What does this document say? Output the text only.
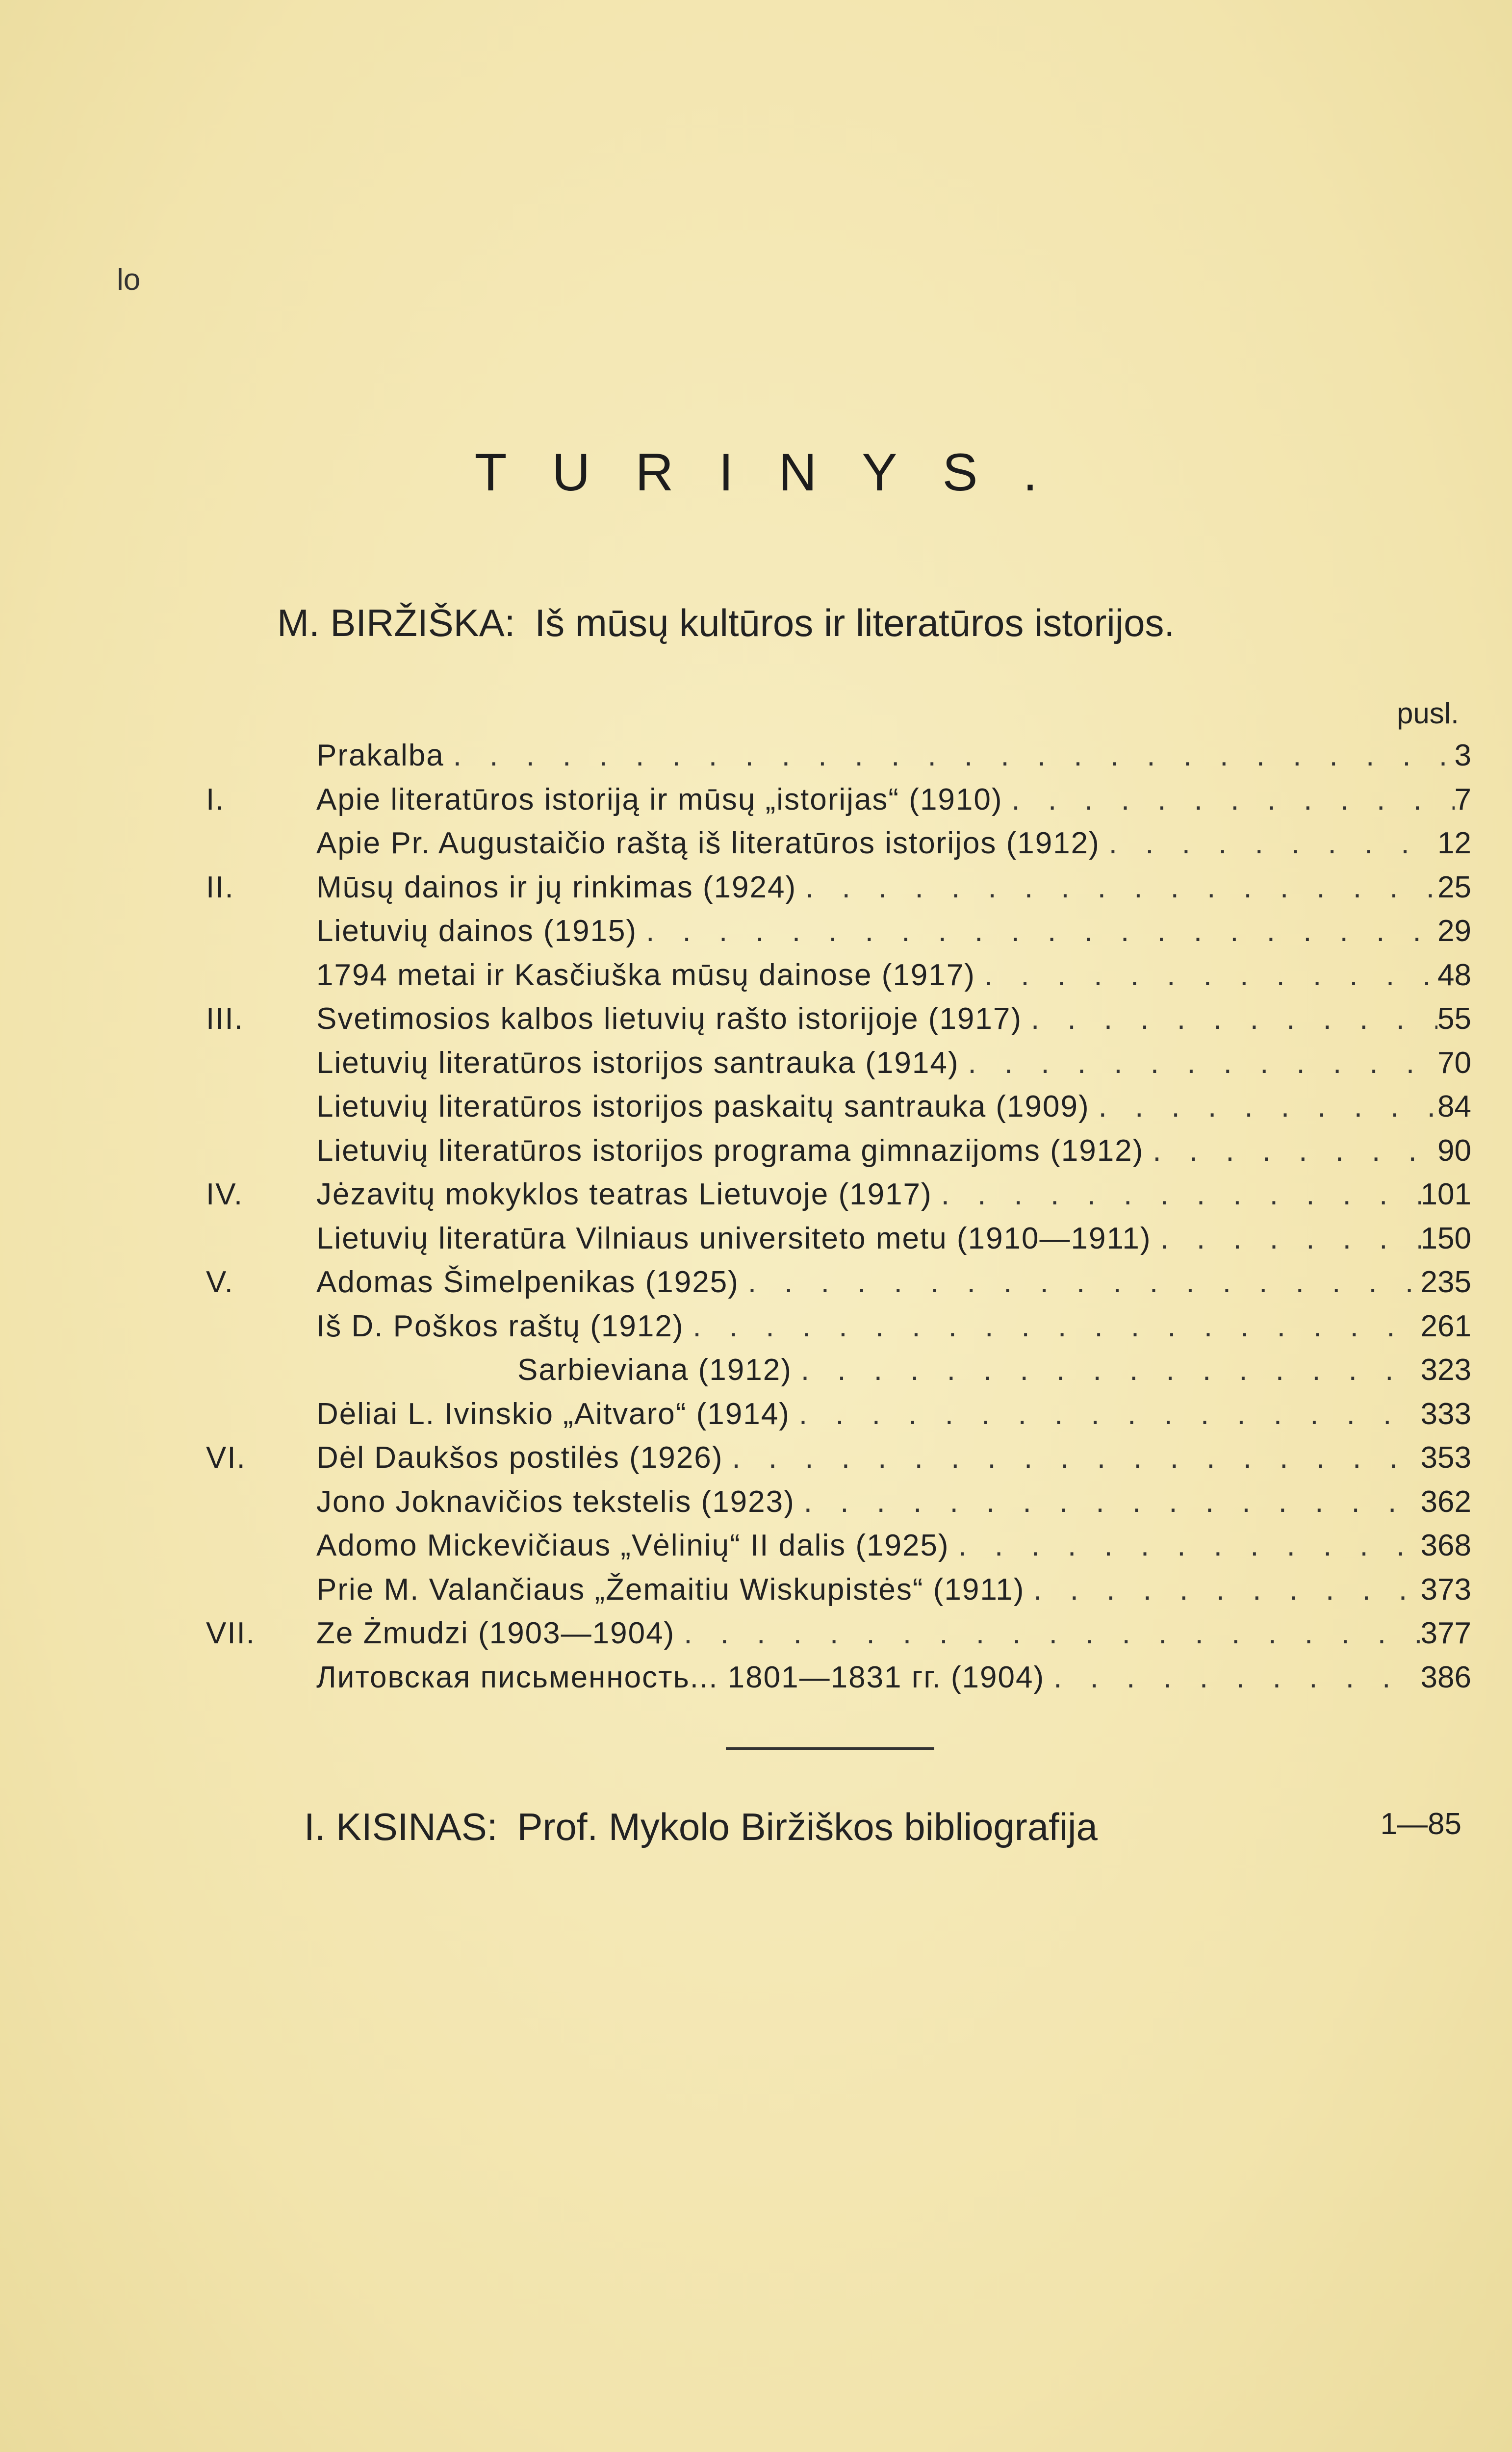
lo
TURINYS.
M. BIRŽIŠKA: Iš mūsų kultūros ir literatūros istorijos.
pusl.
Prakalba . . .	3
I.	Apie literatūros istoriją ir mūsų „istorijas“ (1910) . . .	7
Apie Pr. Augustaičio raštą iš literatūros istorijos (1912) . . .	12
II.	Mūsų dainos ir jų rinkimas (1924) . . .	25
Lietuvių dainos (1915) . . .	29
1794 metai ir Kasčiuška mūsų dainose (1917) . . .	48
III.	Svetimosios kalbos lietuvių rašto istorijoje (1917) . . .	55
Lietuvių literatūros istorijos santrauka (1914) . . .	70
Lietuvių literatūros istorijos paskaitų santrauka (1909) . . .	84
Lietuvių literatūros istorijos programa gimnazijoms (1912) . . .	90
IV.	Jėzavitų mokyklos teatras Lietuvoje (1917) . . .	101
Lietuvių literatūra Vilniaus universiteto metu (1910—1911) . . .	150
V.	Adomas Šimelpenikas (1925) . . .	235
Iš D. Poškos raštų (1912) . . .	261
Sarbieviana (1912) . . .	323
Dėliai L. Ivinskio „Aitvaro“ (1914) . . .	333
VI.	Dėl Daukšos postilės (1926) . . .	353
Jono Joknavičios tekstelis (1923) . . .	362
Adomo Mickevičiaus „Vėlinių“ II dalis (1925) . . .	368
Prie M. Valančiaus „Žemaitiu Wiskupistės“ (1911) . . .	373
VII.	Ze Żmudzi (1903—1904) . . .	377
Литовская письменность... 1801—1831 гг. (1904) . . .	386
I. KISINAS: Prof. Mykolo Biržiškos bibliografija	1—85
